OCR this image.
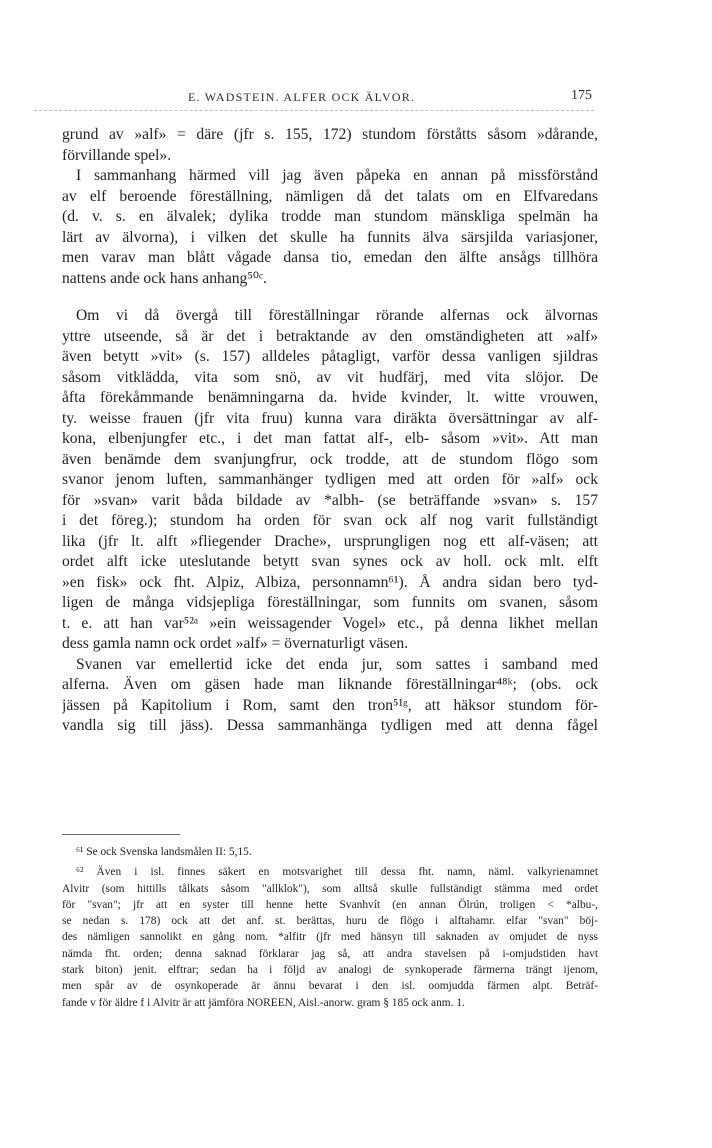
E. WADSTEIN. ALFER OCK ÄLVOR.	175
grund av »alf» = däre (jfr s. 155, 172) stundom förståtts såsom »dårande,
förvillande spel».
I sammanhang härmed vill jag även påpeka en annan på missförstånd
av elf beroende föreställning, nämligen då det talats om en Elfvaredans
(d. v. s. en älvalek; dylika trodde man stundom mänskliga spelmän ha
lärt av älvorna), i vilken det skulle ha funnits älva särsjilda variasjoner,
men varav man blått vågade dansa tio, emedan den älfte ansågs tillhöra
nattens ande ock hans anhang⁵⁰ᶜ.
Om vi då övergå till föreställningar rörande alfernas ock älvornas
yttre utseende, så är det i betraktande av den omständigheten att »alf»
även betytt »vit» (s. 157) alldeles påtagligt, varför dessa vanligen sjildras
såsom vitklädda, vita som snö, av vit hudfärj, med vita slöjor. De
åfta förekåmmande benämningarna da. hvide kvinder, lt. witte vrouwen,
ty. weisse frauen (jfr vita fruu) kunna vara diräkta översättningar av alf-
kona, elbenjungfer etc., i det man fattat alf-, elb- såsom »vit». Att man
även benämde dem svanjungfrur, ock trodde, att de stundom flögo som
svanor jenom luften, sammanhänger tydligen med att orden för »alf» ock
för »svan» varit båda bildade av *albh- (se beträffande »svan» s. 157
i det föreg.); stundom ha orden för svan ock alf nog varit fullständigt
lika (jfr lt. alft »fliegender Drache», ursprungligen nog ett alf-väsen; att
ordet alft icke uteslutande betytt svan synes ock av holl. ock mlt. elft
»en fisk» ock fht. Alpiz, Albiza, personnamn⁶¹). Å andra sidan bero tyd-
ligen de många vidsjepliga föreställningar, som funnits om svanen, såsom
t. e. att han var⁵²ᵃ »ein weissagender Vogel» etc., på denna likhet mellan
dess gamla namn ock ordet »alf» = övernaturligt väsen.
Svanen var emellertid icke det enda jur, som sattes i samband med
alferna. Även om gäsen hade man liknande föreställningar⁴⁸ᵏ; (obs. ock
jässen på Kapitolium i Rom, samt den tron⁵¹ᵍ, att häksor stundom för-
vandla sig till jäss). Dessa sammanhänga tydligen med att denna fågel
⁶¹ Se ock Svenska landsmålen II: 5,15.
⁶² Även i isl. finnes säkert en motsvarighet till dessa fht. namn, näml. valkyrienamnet
Alvitr (som hittills tålkats såsom "allklok"), som alltså skulle fullständigt stämma med ordet
för "svan"; jfr att en syster till henne hette Svanhvít (en annan Ölrún, troligen < *albu-,
se nedan s. 178) ock att det anf. st. berättas, huru de flögo i alftahamr. elfar "svan" böj-
des nämligen sannolikt en gång nom. *alfitr (jfr med hänsyn till saknaden av omjudet de nyss
nämda fht. orden; denna saknad förklarar jag så, att andra stavelsen på i-omjudstiden havt
stark biton) jenit. elftrar; sedan ha i följd av analogi de synkoperade färmerna trängt ijenom,
men spår av de osynkoperade är ännu bevarat i den isl. oomjudda färmen alpt. Beträf-
fande v för äldre f i Alvitr är att jämföra NOREEN, Aisl.-anorw. gram § 185 ock anm. 1.
